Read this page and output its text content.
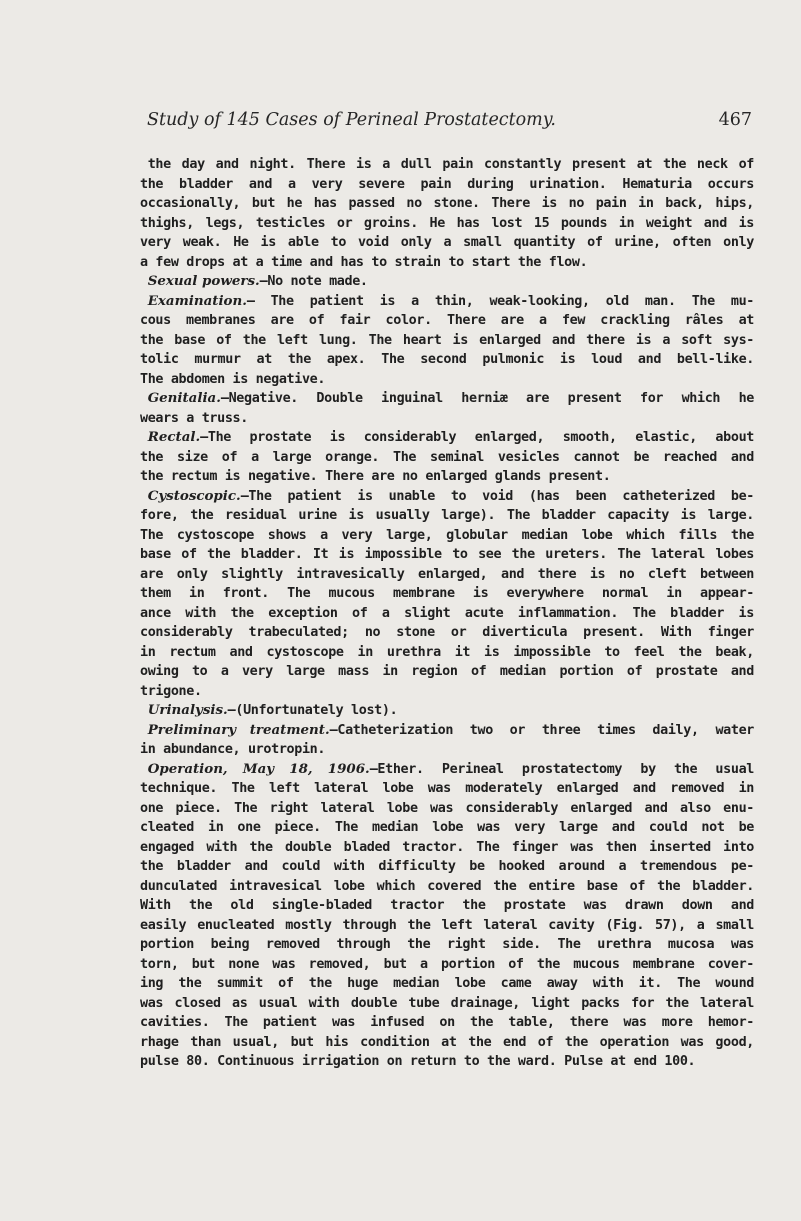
Study of 145 Cases of Perineal Prostatectomy.	467
 the day and night. There is a dull pain constantly present at the neck of
the bladder and a very severe pain during urination. Hematuria occurs
occasionally, but he has passed no stone. There is no pain in back, hips,
thighs, legs, testicles or groins. He has lost 15 pounds in weight and is
very weak. He is able to void only a small quantity of urine, often only
a few drops at a time and has to strain to start the flow.
 Sexual powers.—No note made.
 Examination.— The patient is a thin, weak-looking, old man. The mu-
cous membranes are of fair color. There are a few crackling râles at
the base of the left lung. The heart is enlarged and there is a soft sys-
tolic murmur at the apex. The second pulmonic is loud and bell-like.
The abdomen is negative.
 Genitalia.—Negative. Double inguinal herniæ are present for which he
wears a truss.
 Rectal.—The prostate is considerably enlarged, smooth, elastic, about
the size of a large orange. The seminal vesicles cannot be reached and
the rectum is negative. There are no enlarged glands present.
 Cystoscopic.—The patient is unable to void (has been catheterized be-
fore, the residual urine is usually large). The bladder capacity is large.
The cystoscope shows a very large, globular median lobe which fills the
base of the bladder. It is impossible to see the ureters. The lateral lobes
are only slightly intravesically enlarged, and there is no cleft between
them in front. The mucous membrane is everywhere normal in appear-
ance with the exception of a slight acute inflammation. The bladder is
considerably trabeculated; no stone or diverticula present. With finger
in rectum and cystoscope in urethra it is impossible to feel the beak,
owing to a very large mass in region of median portion of prostate and
trigone.
 Urinalysis.—(Unfortunately lost).
 Preliminary treatment.—Catheterization two or three times daily, water
in abundance, urotropin.
 Operation, May 18, 1906.—Ether. Perineal prostatectomy by the usual
technique. The left lateral lobe was moderately enlarged and removed in
one piece. The right lateral lobe was considerably enlarged and also enu-
cleated in one piece. The median lobe was very large and could not be
engaged with the double bladed tractor. The finger was then inserted into
the bladder and could with difficulty be hooked around a tremendous pe-
dunculated intravesical lobe which covered the entire base of the bladder.
With the old single-bladed tractor the prostate was drawn down and
easily enucleated mostly through the left lateral cavity (Fig. 57), a small
portion being removed through the right side. The urethra mucosa was
torn, but none was removed, but a portion of the mucous membrane cover-
ing the summit of the huge median lobe came away with it. The wound
was closed as usual with double tube drainage, light packs for the lateral
cavities. The patient was infused on the table, there was more hemor-
rhage than usual, but his condition at the end of the operation was good,
pulse 80. Continuous irrigation on return to the ward. Pulse at end 100.
